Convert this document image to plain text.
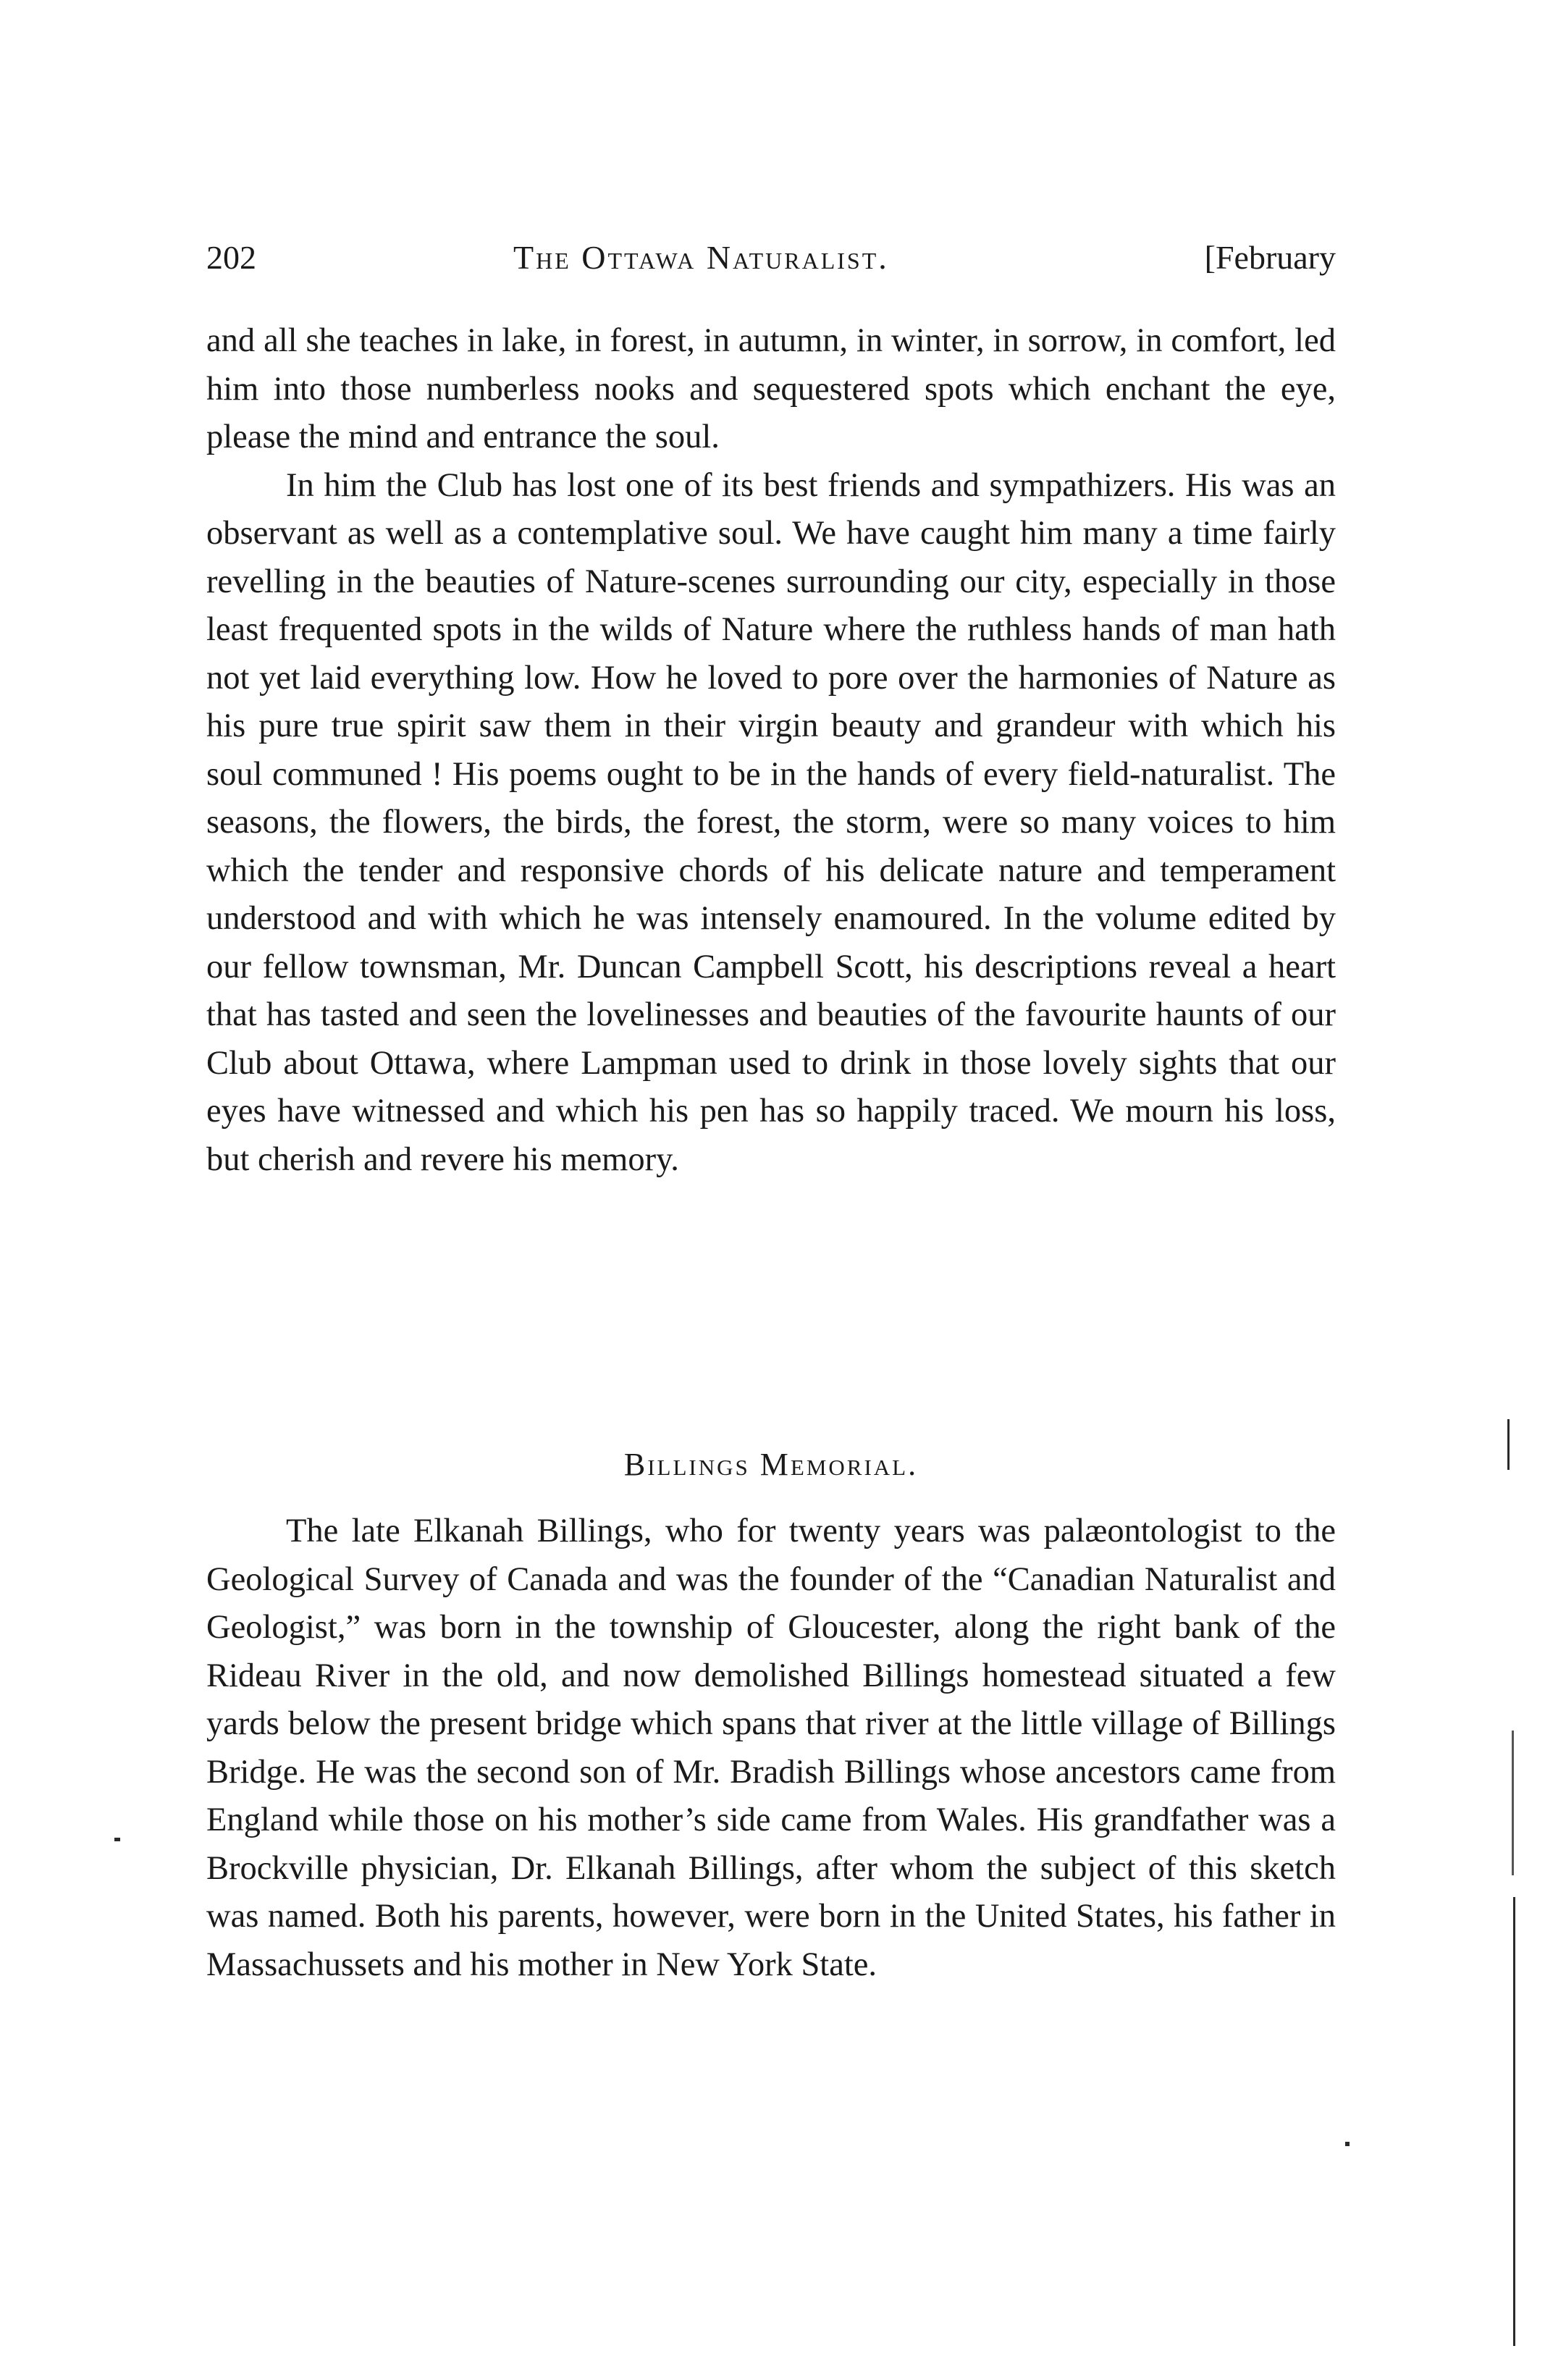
202	The Ottawa Naturalist.	[February

and all she teaches in lake, in forest, in autumn, in winter, in sorrow, in comfort, led him into those numberless nooks and sequestered spots which enchant the eye, please the mind and entrance the soul.

In him the Club has lost one of its best friends and sympathizers. His was an observant as well as a contemplative soul. We have caught him many a time fairly revelling in the beauties of Nature-scenes surrounding our city, especially in those least frequented spots in the wilds of Nature where the ruthless hands of man hath not yet laid everything low. How he loved to pore over the harmonies of Nature as his pure true spirit saw them in their virgin beauty and grandeur with which his soul communed ! His poems ought to be in the hands of every field-naturalist. The seasons, the flowers, the birds, the forest, the storm, were so many voices to him which the tender and responsive chords of his delicate nature and temperament understood and with which he was intensely enamoured. In the volume edited by our fellow townsman, Mr. Duncan Campbell Scott, his descriptions reveal a heart that has tasted and seen the lovelinesses and beauties of the favourite haunts of our Club about Ottawa, where Lampman used to drink in those lovely sights that our eyes have witnessed and which his pen has so happily traced. We mourn his loss, but cherish and revere his memory.

Billings Memorial.

The late Elkanah Billings, who for twenty years was palæontologist to the Geological Survey of Canada and was the founder of the “Canadian Naturalist and Geologist,” was born in the township of Gloucester, along the right bank of the Rideau River in the old, and now demolished Billings homestead situated a few yards below the present bridge which spans that river at the little village of Billings Bridge. He was the second son of Mr. Bradish Billings whose ancestors came from England while those on his mother’s side came from Wales. His grandfather was a Brockville physician, Dr. Elkanah Billings, after whom the subject of this sketch was named. Both his parents, however, were born in the United States, his father in Massachussets and his mother in New York State.
